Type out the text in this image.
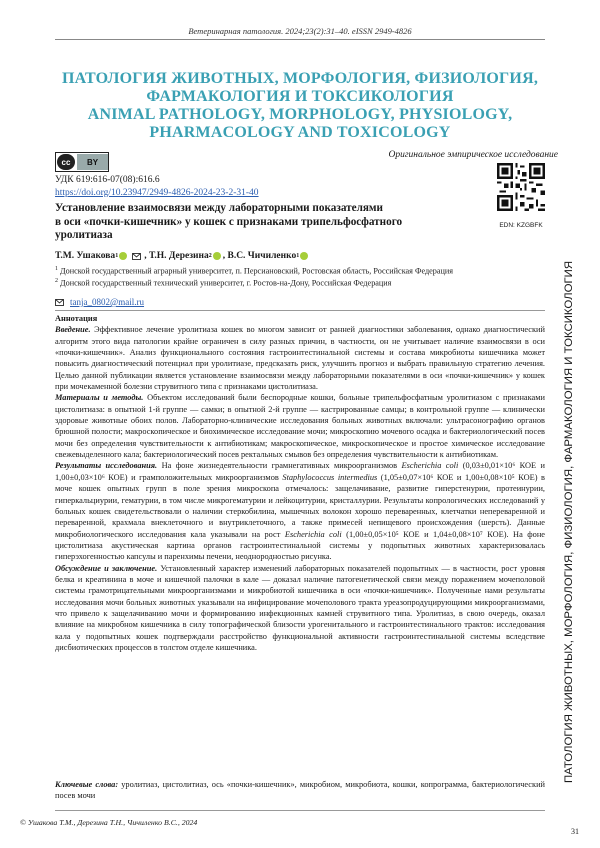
Ветеринарная патология. 2024;23(2):31–40. eISSN 2949-4826
ПАТОЛОГИЯ ЖИВОТНЫХ, МОРФОЛОГИЯ, ФИЗИОЛОГИЯ,
ФАРМАКОЛОГИЯ И ТОКСИКОЛОГИЯ
ANIMAL PATHOLOGY, MORPHOLOGY, PHYSIOLOGY,
PHARMACOLOGY AND TOXICOLOGY
cc	BY
Оригинальное эмпирическое исследование
УДК 619:616-07(08):616.6
https://doi.org/10.23947/2949-4826-2024-23-2-31-40
EDN: KZGBFK
Установление взаимосвязи между лабораторными показателями
в оси «почки-кишечник» у кошек с признаками трипельфосфатного
уролитиаза
Т.М. Ушакова 1	, Т.Н. Дерезина 2 , В.С. Чичиленко 1
$^1$ Донской государственный аграрный университет, п. Персиановский, Ростовская область, Российская Федерация
$^2$ Донской государственный технический университет, г. Ростов-на-Дону, Российская Федерация
tanja_0802@mail.ru

Аннотация

Введение. Эффективное лечение уролитиаза кошек во многом зависит от ранней диагностики заболевания, однако диагностический алгоритм этого вида патологии крайне ограничен в силу разных причин, в частности, он не учитывает наличие взаимосвязи в оси «почки-кишечник». Анализ функционального состояния гастроинтестинальной системы и состава микробиоты кишечника может повысить диагностический потенциал при уролитиазе, предсказать риск, улучшить прогноз и выбрать правильную стратегию лечения. Целью данной публикации является установление взаимосвязи между лабораторными показателями в оси «почки-кишечник» у кошек при мочекаменной болезни струвитного типа с признаками цистолитиаза.

Материалы и методы. Объектом исследований были беспородные кошки, больные трипельфосфатным уролитиазом с признаками цистолитиаза: в опытной 1-й группе — самки; в опытной 2-й группе — кастрированные самцы; в контрольной группе — клинически здоровые животные обоих полов. Лабораторно-клинические исследования больных животных включали: ультрасонографию органов брюшной полости; макроскопическое и биохимическое исследование мочи; микроскопию мочевого осадка и бактериологический посев мочи без определения чувствительности к антибиотикам; макроскопическое, микроскопическое и простое химическое исследование свежевыделенного кала; бактериологический посев ректальных смывов без определения чувствительности к антибиотикам.

Результаты исследования. На фоне жизнедеятельности грамнегативных микроорганизмов Escherichia coli (0,03±0,01×10⁶ КОЕ и 1,00±0,03×10⁶ КОЕ) и грамположительных микроорганизмов Staphylococcus intermedius (1,05±0,07×10⁶ КОЕ и 1,00±0,08×10⁵ КОЕ) в моче кошек опытных групп в поле зрения микроскопа отмечалось: защелачивание, развитие гиперстенурии, протеинурии, гиперкальциурии, гематурии, в том числе микрогематурии и лейкоцитурии, кристаллурии. Результаты копрологических исследований у больных кошек свидетельствовали о наличии стеркобилина, мышечных волокон хорошо переваренных, клетчатки непереваренной и переваренной, крахмала внеклеточного и внутриклеточного, а также примесей непищевого происхождения (шерсть). Данные микробиологического исследования кала указывали на рост Escherichia coli (1,00±0,05×10⁵ КОЕ и 1,04±0,08×10⁷ КОЕ). На фоне цистолитиаза акустическая картина органов гастроинтестинальной системы у подопытных животных характеризовалась гиперэхогенностью капсулы и паренхимы печени, неоднородностью рисунка.

Обсуждение и заключение. Установленный характер изменений лабораторных показателей подопытных — в частности, рост уровня белка и креатинина в моче и кишечной палочки в кале — доказал наличие патогенетической связи между поражением мочеполовой системы грамотрицательными микроорганизмами и микробиотой кишечника в оси «почки-кишечник». Полученные нами результаты исследования мочи больных животных указывали на инфицирование мочеполового тракта уреазопродуцирующими микроорганизмами, что привело к защелачиванию мочи и формированию инфекционных камней струвитного типа. Уролитиаз, в свою очередь, оказал влияние на микробном кишечника в силу топографической близости урогенитального и гастроинтестинального трактов: исследования кала у подопытных кошек подтверждали расстройство функциональной активности гастроинтестинальной системы вследствие дисбиотических процессов в толстом отделе кишечника.

Ключевые слова: уролитиаз, цистолитиаз, ось «почки-кишечник», микробиом, микробиота, кошки, копрограмма, бактериологический посев мочи
© Ушакова Т.М., Дерезина Т.Н., Чичиленко В.С., 2024
31
ПАТОЛОГИЯ ЖИВОТНЫХ, МОРФОЛОГИЯ, ФИЗИОЛОГИЯ, ФАРМАКОЛОГИЯ И ТОКСИКОЛОГИЯ
